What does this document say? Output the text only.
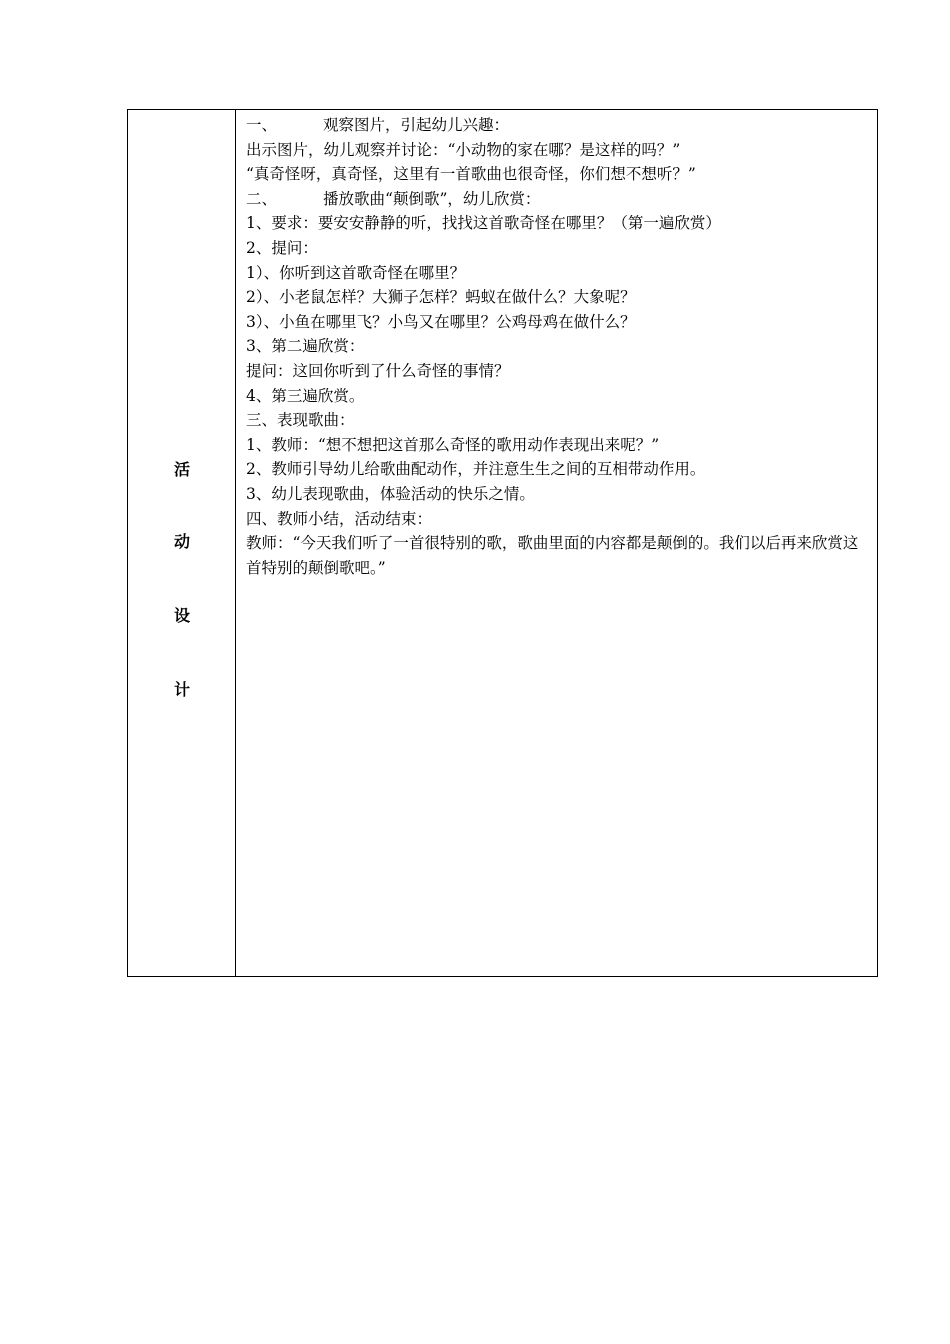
活
动
设
计
一、	观察图片，引起幼儿兴趣：
出示图片，幼儿观察并讨论：“小动物的家在哪？是这样的吗？”
“真奇怪呀，真奇怪，这里有一首歌曲也很奇怪，你们想不想听？”
二、	播放歌曲“颠倒歌”，幼儿欣赏：
1、要求：要安安静静的听，找找这首歌奇怪在哪里？（第一遍欣赏）
2、提问：
1）、你听到这首歌奇怪在哪里？
2）、小老鼠怎样？大狮子怎样？蚂蚁在做什么？大象呢？
3）、小鱼在哪里飞？小鸟又在哪里？公鸡母鸡在做什么？
3、第二遍欣赏：
提问：这回你听到了什么奇怪的事情？
4、第三遍欣赏。
三、表现歌曲：
1、教师：“想不想把这首那么奇怪的歌用动作表现出来呢？”
2、教师引导幼儿给歌曲配动作，并注意生生之间的互相带动作用。
3、幼儿表现歌曲，体验活动的快乐之情。
四、教师小结，活动结束：
教师：“今天我们听了一首很特别的歌，歌曲里面的内容都是颠倒的。我们以后再来欣赏这首特别的颠倒歌吧。”
